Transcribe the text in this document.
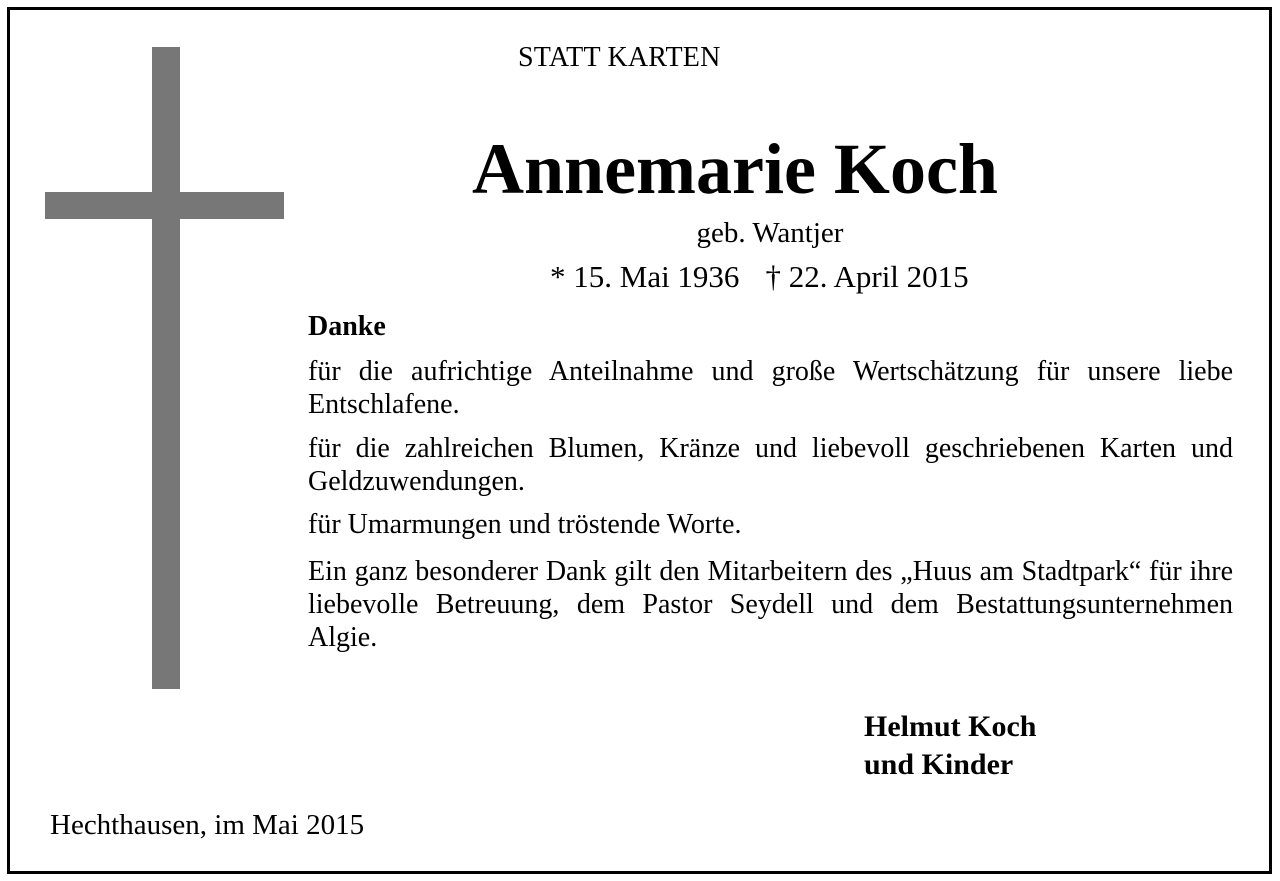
STATT KARTEN
Annemarie Koch
geb. Wantjer
* 15. Mai 1936 † 22. April 2015
Danke
für die aufrichtige Anteilnahme und große Wertschätzung für unsere liebe Entschlafene.
für die zahlreichen Blumen, Kränze und liebevoll geschriebenen Karten und Geldzuwendungen.
für Umarmungen und tröstende Worte.
Ein ganz besonderer Dank gilt den Mitarbeitern des „Huus am Stadtpark“ für ihre liebevolle Betreuung, dem Pastor Seydell und dem Bestattungsunternehmen Algie.
Helmut Koch
und Kinder
Hechthausen, im Mai 2015
